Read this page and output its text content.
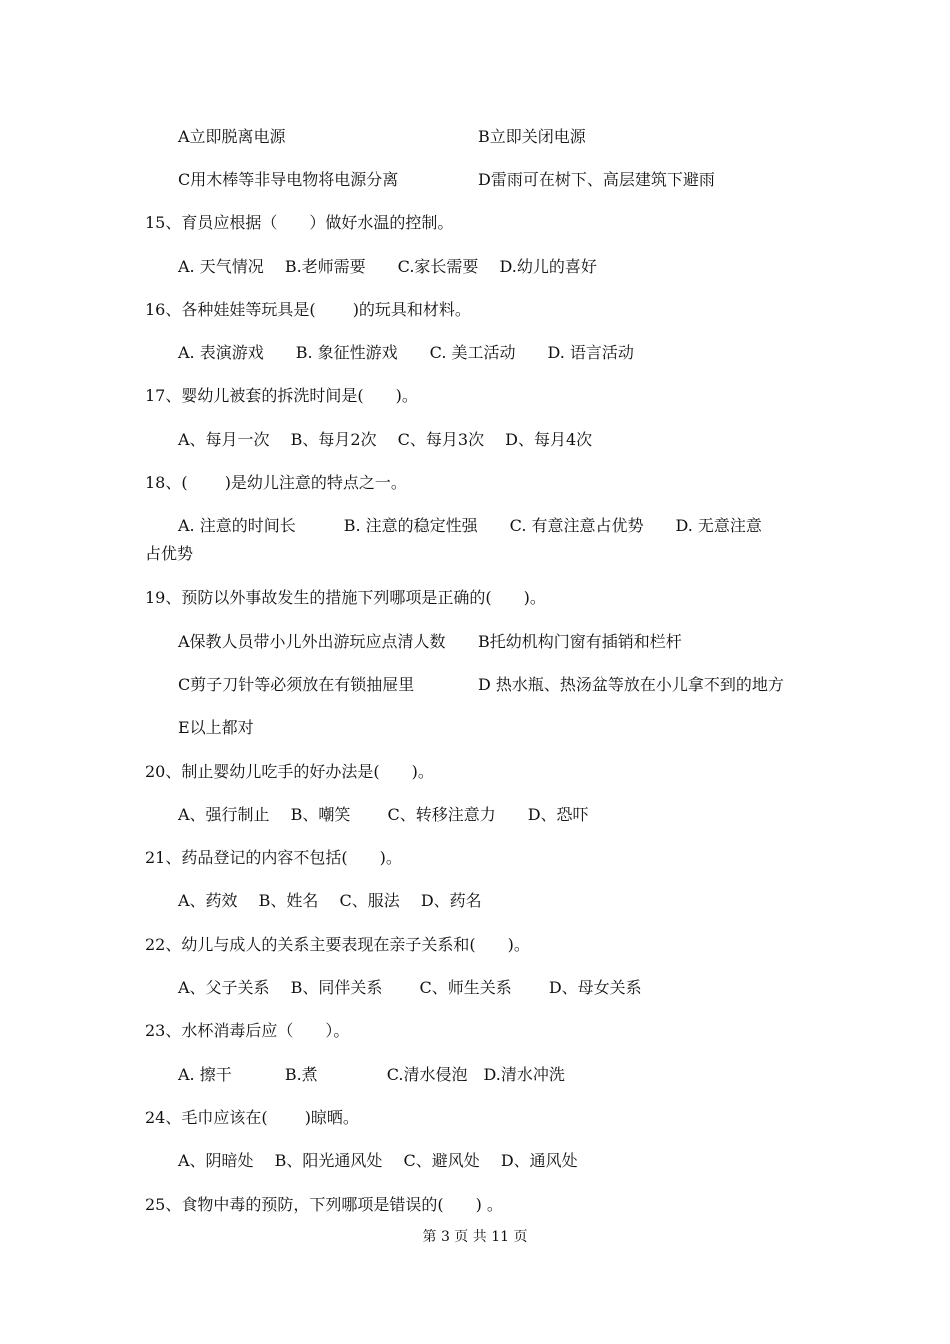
A立即脱离电源	B立即关闭电源
C用木棒等非导电物将电源分离	D雷雨可在树下、高层建筑下避雨
15、育员应根据（　　）做好水温的控制。
A. 天气情况　 B.老师需要　　C.家长需要　 D.幼儿的喜好
16、各种娃娃等玩具是(　　 )的玩具和材料。
A. 表演游戏　　B. 象征性游戏　　C. 美工活动　　D. 语言活动
17、婴幼儿被套的拆洗时间是(　　)。
A、每月一次　 B、每月2次　 C、每月3次　 D、每月4次
18、(　　 )是幼儿注意的特点之一。
A. 注意的时间长　　　B. 注意的稳定性强　　C. 有意注意占优势　　D. 无意注意
占优势
19、预防以外事故发生的措施下列哪项是正确的(　　)。
A保教人员带小儿外出游玩应点清人数 B托幼机构门窗有插销和栏杆
C剪子刀针等必须放在有锁抽屉里	D 热水瓶、热汤盆等放在小儿拿不到的地方
E以上都对
20、制止婴幼儿吃手的好办法是(　　)。
A、强行制止　 B、嘲笑　　 C、转移注意力　　D、恐吓
21、药品登记的内容不包括(　　)。
A、药效　 B、姓名　 C、服法　 D、药名
22、幼儿与成人的关系主要表现在亲子关系和(　　)。
A、父子关系　 B、同伴关系　　 C、师生关系　　 D、母女关系
23、水杯消毒后应（　　）。
A. 擦干　　　 B.煮　　　　 C.清水侵泡　D.清水冲洗
24、毛巾应该在(　　 )晾晒。
A、阴暗处　 B、阳光通风处　 C、避风处　 D、通风处
25、食物中毒的预防，下列哪项是错误的(　　) 。
第 3 页 共 11 页
